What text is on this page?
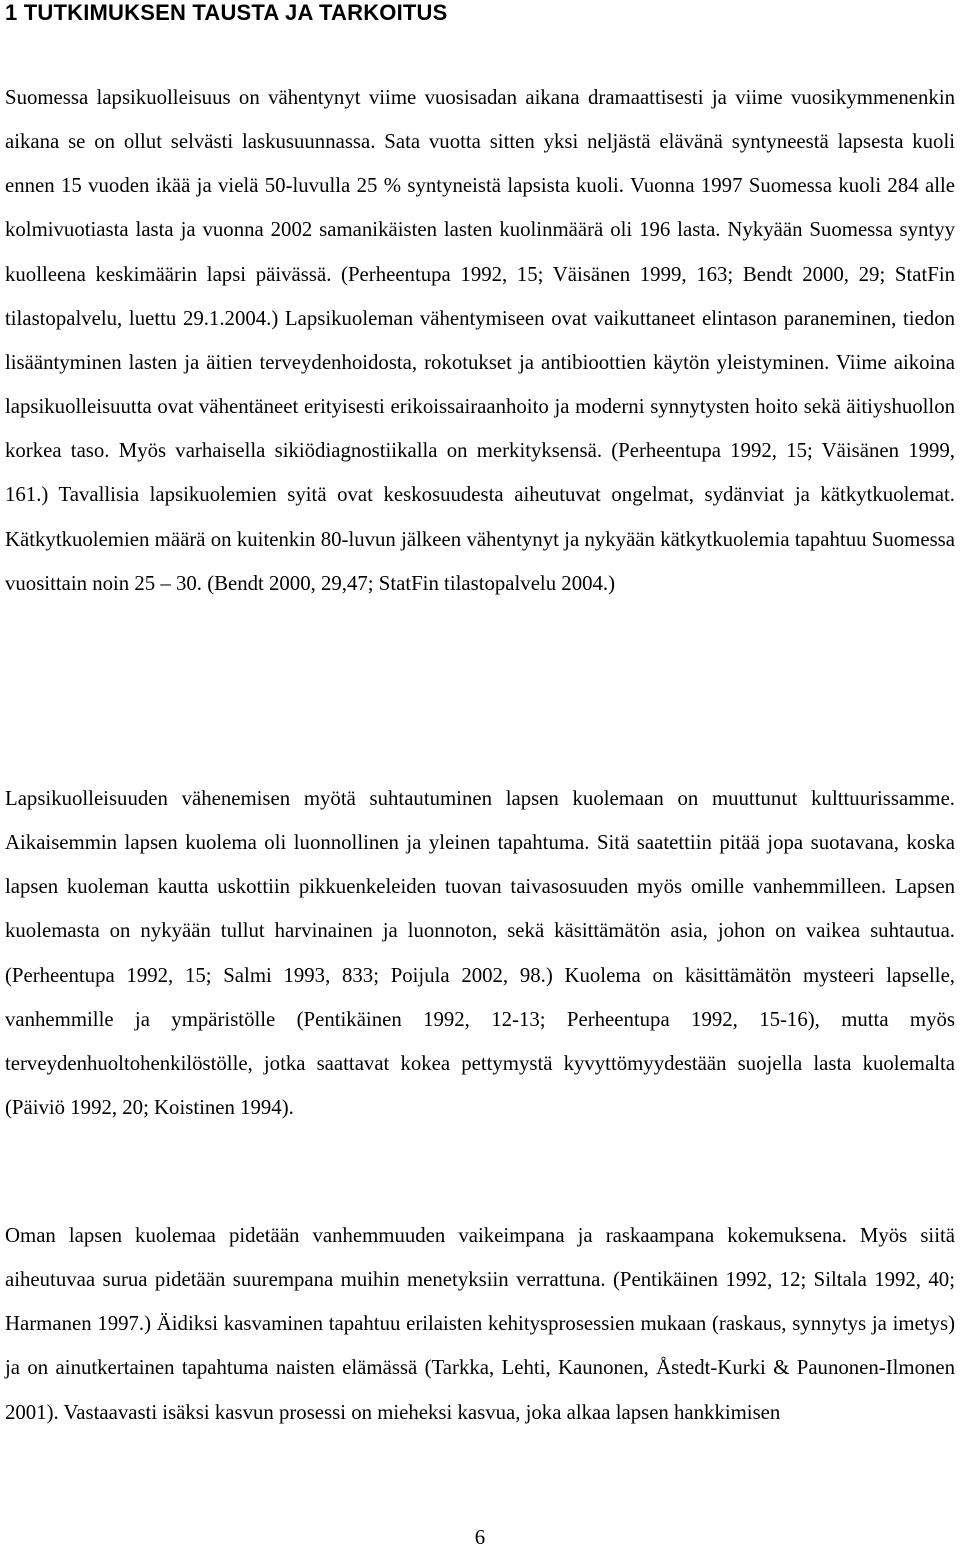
1 TUTKIMUKSEN TAUSTA JA TARKOITUS

Suomessa lapsikuolleisuus on vähentynyt viime vuosisadan aikana dramaattisesti ja viime vuosikymmenenkin aikana se on ollut selvästi laskusuunnassa. Sata vuotta sitten yksi neljästä elävänä syntyneestä lapsesta kuoli ennen 15 vuoden ikää ja vielä 50-luvulla 25 % syntyneistä lapsista kuoli. Vuonna 1997 Suomessa kuoli 284 alle kolmivuotiasta lasta ja vuonna 2002 samanikäisten lasten kuolinmäärä oli 196 lasta. Nykyään Suomessa syntyy kuolleena keskimäärin lapsi päivässä. (Perheentupa 1992, 15; Väisänen 1999, 163; Bendt 2000, 29; StatFin tilastopalvelu, luettu 29.1.2004.) Lapsikuoleman vähentymiseen ovat vaikuttaneet elintason paraneminen, tiedon lisääntyminen lasten ja äitien terveydenhoidosta, rokotukset ja antibioottien käytön yleistyminen. Viime aikoina lapsikuolleisuutta ovat vähentäneet erityisesti erikoissairaanhoito ja moderni synnytysten hoito sekä äitiyshuollon korkea taso. Myös varhaisella sikiödiagnostiikalla on merkityksensä. (Perheentupa 1992, 15; Väisänen 1999, 161.) Tavallisia lapsikuolemien syitä ovat keskosuudesta aiheutuvat ongelmat, sydänviat ja kätkytkuolemat. Kätkytkuolemien määrä on kuitenkin 80-luvun jälkeen vähentynyt ja nykyään kätkytkuolemia tapahtuu Suomessa vuosittain noin 25 – 30. (Bendt 2000, 29,47; StatFin tilastopalvelu 2004.)

Lapsikuolleisuuden vähenemisen myötä suhtautuminen lapsen kuolemaan on muuttunut kulttuurissamme. Aikaisemmin lapsen kuolema oli luonnollinen ja yleinen tapahtuma. Sitä saatettiin pitää jopa suotavana, koska lapsen kuoleman kautta uskottiin pikkuenkeleiden tuovan taivasosuuden myös omille vanhemmilleen. Lapsen kuolemasta on nykyään tullut harvinainen ja luonnoton, sekä käsittämätön asia, johon on vaikea suhtautua. (Perheentupa 1992, 15; Salmi 1993, 833; Poijula 2002, 98.) Kuolema on käsittämätön mysteeri lapselle, vanhemmille ja ympäristölle (Pentikäinen 1992, 12-13; Perheentupa 1992, 15-16), mutta myös terveydenhuoltohenkilöstölle, jotka saattavat kokea pettymystä kyvyttömyydestään suojella lasta kuolemalta (Päiviö 1992, 20; Koistinen 1994).

Oman lapsen kuolemaa pidetään vanhemmuuden vaikeimpana ja raskaampana kokemuksena. Myös siitä aiheutuvaa surua pidetään suurempana muihin menetyksiin verrattuna. (Pentikäinen 1992, 12; Siltala 1992, 40; Harmanen 1997.) Äidiksi kasvaminen tapahtuu erilaisten kehitysprosessien mukaan (raskaus, synnytys ja imetys) ja on ainutkertainen tapahtuma naisten elämässä (Tarkka, Lehti, Kaunonen, Åstedt-Kurki & Paunonen-Ilmonen 2001). Vastaavasti isäksi kasvun prosessi on mieheksi kasvua, joka alkaa lapsen hankkimisen

6
